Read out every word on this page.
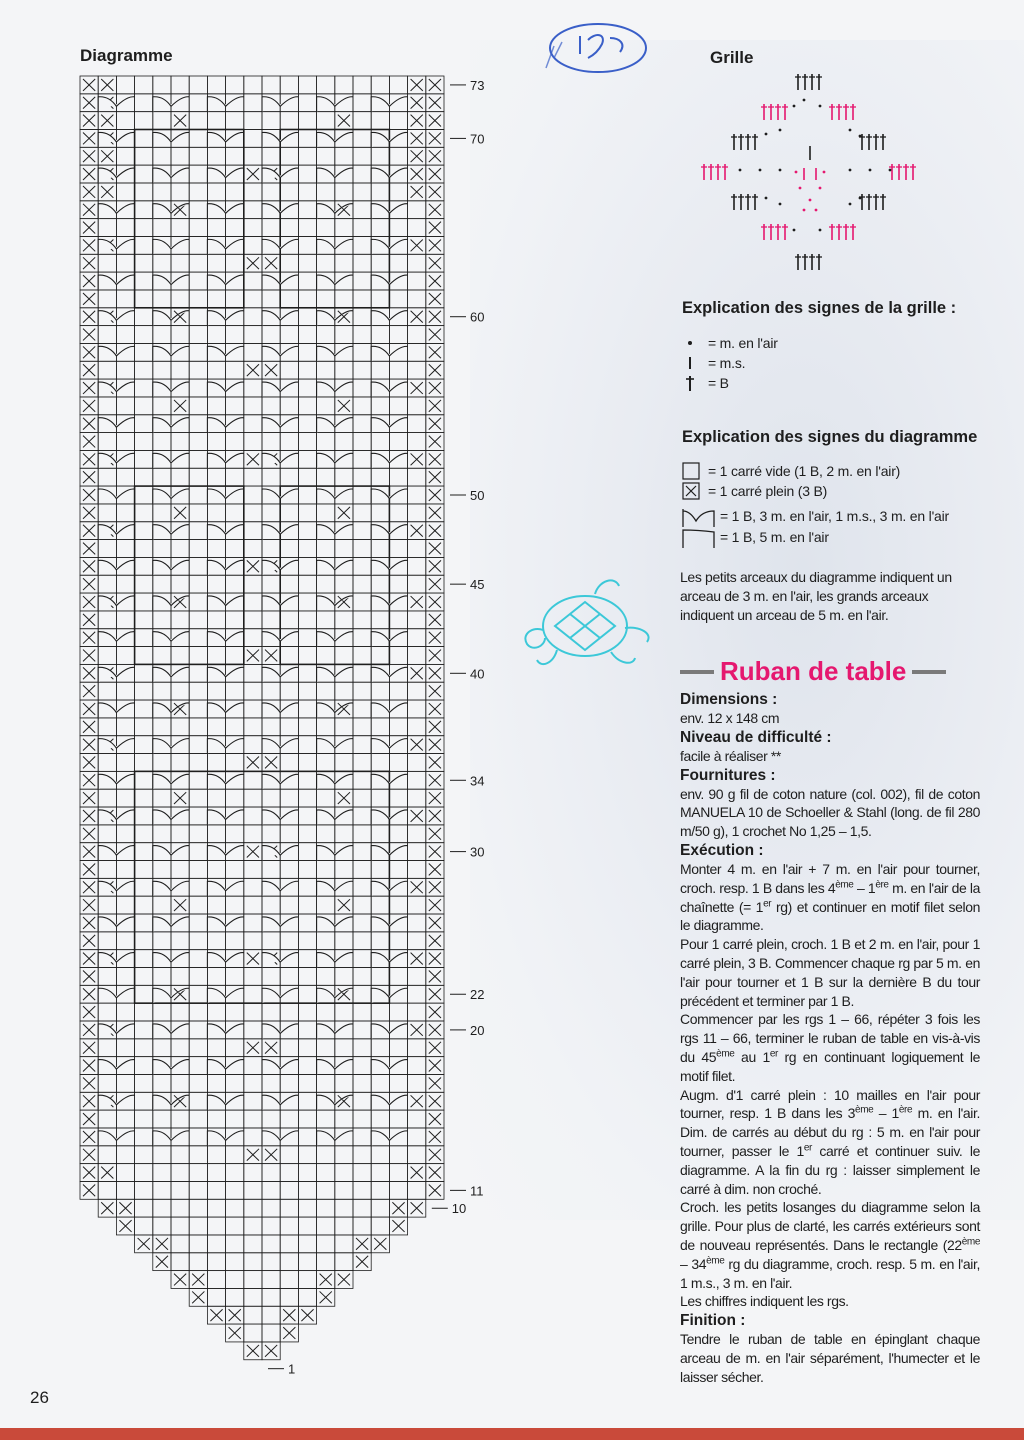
Diagramme	Grille
73
70
60
50
45
40
34
30
22
20
11
10
1
Explication des signes de la grille :
= m. en l'air
= m.s.
= B
Explication des signes du diagramme
= 1 carré vide (1 B, 2 m. en l'air)
= 1 carré plein (3 B)
= 1 B, 3 m. en l'air, 1 m.s., 3 m. en l'air
= 1 B, 5 m. en l'air
Les petits arceaux du diagramme indiquent un arceau de 3 m. en l'air, les grands arceaux indiquent un arceau de 5 m. en l'air.
Ruban de table
Dimensions :

env. 12 x 148 cm

Niveau de difficulté :

facile à réaliser **

Fournitures :

env. 90 g fil de coton nature (col. 002), fil de coton MANUELA 10 de Schoeller & Stahl (long. de fil 280 m/50 g), 1 crochet No 1,25 – 1,5.

Exécution :

Monter 4 m. en l'air + 7 m. en l'air pour tourner, croch. resp. 1 B dans les 4ème – 1ère m. en l'air de la chaînette (= 1er rg) et continuer en motif filet selon le diagramme.

Pour 1 carré plein, croch. 1 B et 2 m. en l'air, pour 1 carré plein, 3 B. Commencer chaque rg par 5 m. en l'air pour tourner et 1 B sur la dernière B du tour précédent et terminer par 1 B.

Commencer par les rgs 1 – 66, répéter 3 fois les rgs 11 – 66, terminer le ruban de table en vis-à-vis du 45ème au 1er rg en continuant logiquement le motif filet.

Augm. d'1 carré plein : 10 mailles en l'air pour tourner, resp. 1 B dans les 3ème – 1ère m. en l'air. Dim. de carrés au début du rg : 5 m. en l'air pour tourner, passer le 1er carré et continuer suiv. le diagramme. A la fin du rg : laisser simplement le carré à dim. non croché.

Croch. les petits losanges du diagramme selon la grille. Pour plus de clarté, les carrés extérieurs sont de nouveau représentés. Dans le rectangle (22ème – 34ème rg du diagramme, croch. resp. 5 m. en l'air, 1 m.s., 3 m. en l'air.

Les chiffres indiquent les rgs.

Finition :

Tendre le ruban de table en épinglant chaque arceau de m. en l'air séparément, l'humecter et le laisser sécher.

26
